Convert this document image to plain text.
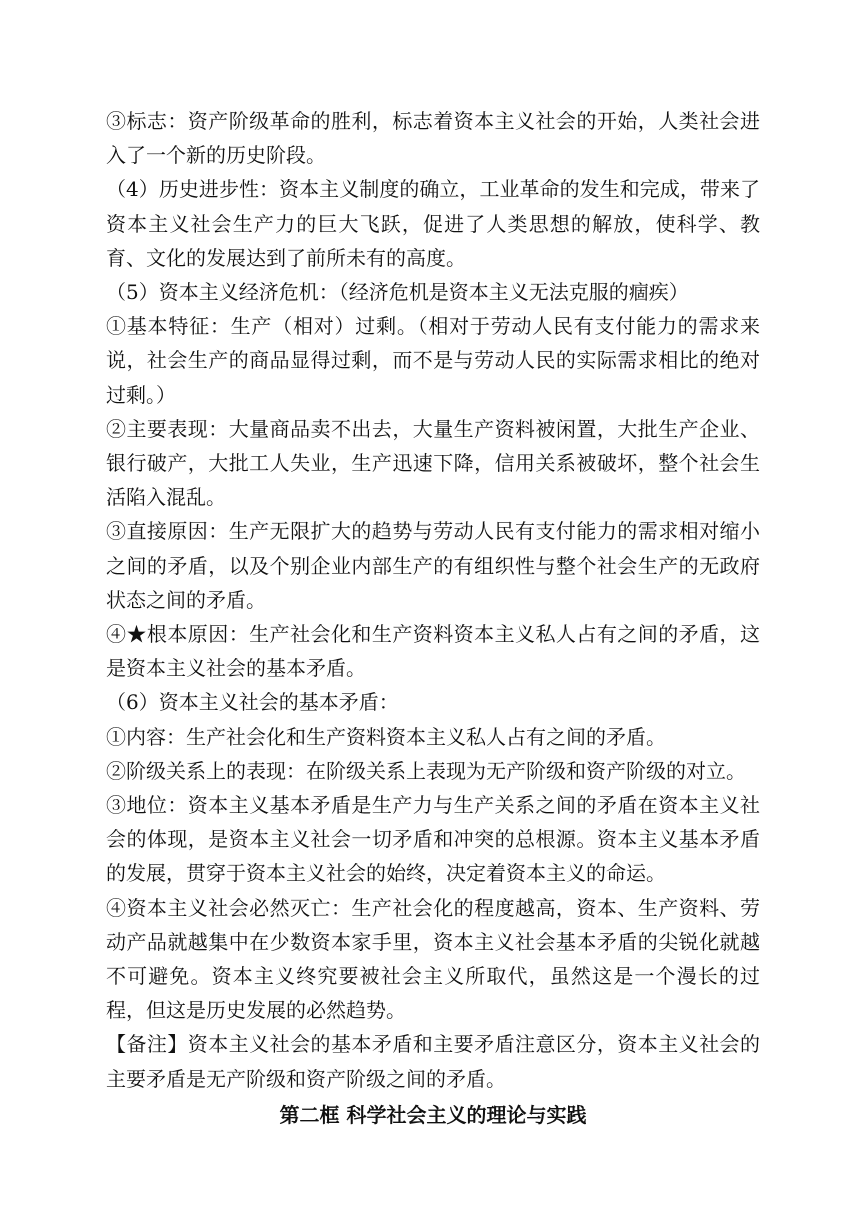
③标志：资产阶级革命的胜利，标志着资本主义社会的开始，人类社会进入了一个新的历史阶段。

（4）历史进步性：资本主义制度的确立，工业革命的发生和完成，带来了资本主义社会生产力的巨大飞跃，促进了人类思想的解放，使科学、教育、文化的发展达到了前所未有的高度。

（5）资本主义经济危机：（经济危机是资本主义无法克服的痼疾）

①基本特征：生产（相对）过剩。（相对于劳动人民有支付能力的需求来说，社会生产的商品显得过剩，而不是与劳动人民的实际需求相比的绝对过剩。）

②主要表现：大量商品卖不出去，大量生产资料被闲置，大批生产企业、银行破产，大批工人失业，生产迅速下降，信用关系被破坏，整个社会生活陷入混乱。

③直接原因：生产无限扩大的趋势与劳动人民有支付能力的需求相对缩小之间的矛盾，以及个别企业内部生产的有组织性与整个社会生产的无政府状态之间的矛盾。

④★根本原因：生产社会化和生产资料资本主义私人占有之间的矛盾，这是资本主义社会的基本矛盾。

（6）资本主义社会的基本矛盾：

①内容：生产社会化和生产资料资本主义私人占有之间的矛盾。

②阶级关系上的表现：在阶级关系上表现为无产阶级和资产阶级的对立。

③地位：资本主义基本矛盾是生产力与生产关系之间的矛盾在资本主义社会的体现，是资本主义社会一切矛盾和冲突的总根源。资本主义基本矛盾的发展，贯穿于资本主义社会的始终，决定着资本主义的命运。

④资本主义社会必然灭亡：生产社会化的程度越高，资本、生产资料、劳动产品就越集中在少数资本家手里，资本主义社会基本矛盾的尖锐化就越不可避免。资本主义终究要被社会主义所取代，虽然这是一个漫长的过程，但这是历史发展的必然趋势。

【备注】资本主义社会的基本矛盾和主要矛盾注意区分，资本主义社会的主要矛盾是无产阶级和资产阶级之间的矛盾。

第二框 科学社会主义的理论与实践
